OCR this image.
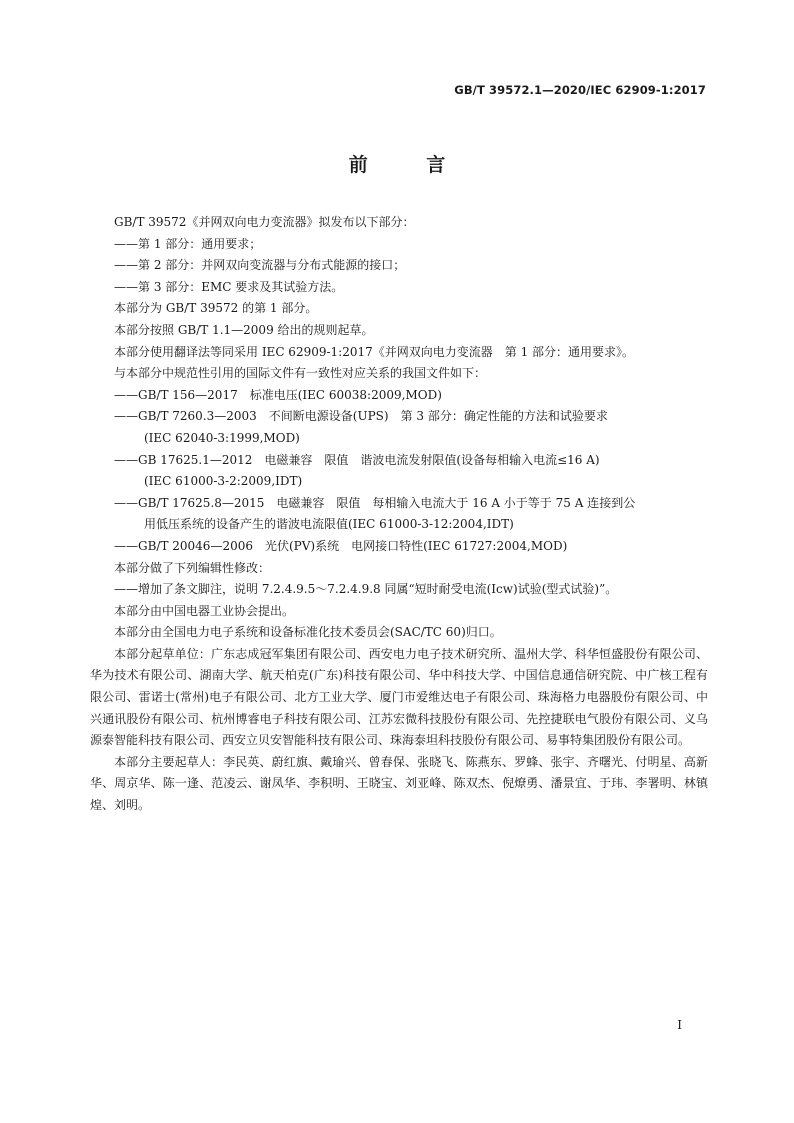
GB/T 39572.1—2020/IEC 62909-1:2017
前 言
GB/T 39572《并网双向电力变流器》拟发布以下部分：
——第 1 部分：通用要求；
——第 2 部分：并网双向变流器与分布式能源的接口；
——第 3 部分：EMC 要求及其试验方法。
本部分为 GB/T 39572 的第 1 部分。
本部分按照 GB/T 1.1—2009 给出的规则起草。
本部分使用翻译法等同采用 IEC 62909-1:2017《并网双向电力变流器　第 1 部分：通用要求》。
与本部分中规范性引用的国际文件有一致性对应关系的我国文件如下：
——GB/T 156—2017　标准电压(IEC 60038:2009,MOD)
——GB/T 7260.3—2003　不间断电源设备(UPS)　第 3 部分：确定性能的方法和试验要求
(IEC 62040-3:1999,MOD)
——GB 17625.1—2012　电磁兼容　限值　谐波电流发射限值(设备每相输入电流≤16 A)
(IEC 61000-3-2:2009,IDT)
——GB/T 17625.8—2015　电磁兼容　限值　每相输入电流大于 16 A 小于等于 75 A 连接到公
用低压系统的设备产生的谐波电流限值(IEC 61000-3-12:2004,IDT)
——GB/T 20046—2006　光伏(PV)系统　电网接口特性(IEC 61727:2004,MOD)
本部分做了下列编辑性修改：
——增加了条文脚注，说明 7.2.4.9.5～7.2.4.9.8 同属“短时耐受电流(Icw)试验(型式试验)”。
本部分由中国电器工业协会提出。
本部分由全国电力电子系统和设备标准化技术委员会(SAC/TC 60)归口。
本部分起草单位：广东志成冠军集团有限公司、西安电力电子技术研究所、温州大学、科华恒盛股份有限公司、华为技术有限公司、湖南大学、航天柏克(广东)科技有限公司、华中科技大学、中国信息通信研究院、中广核工程有限公司、雷诺士(常州)电子有限公司、北方工业大学、厦门市爱维达电子有限公司、珠海格力电器股份有限公司、中兴通讯股份有限公司、杭州博睿电子科技有限公司、江苏宏微科技股份有限公司、先控捷联电气股份有限公司、义乌源泰智能科技有限公司、西安立贝安智能科技有限公司、珠海泰坦科技股份有限公司、易事特集团股份有限公司。
本部分主要起草人：李民英、蔚红旗、戴瑜兴、曾春保、张晓飞、陈燕东、罗蜂、张宇、齐曙光、付明星、高新华、周京华、陈一逢、范凌云、谢凤华、李积明、王晓宝、刘亚峰、陈双杰、倪燎勇、潘景宜、于玮、李署明、林镇煌、刘明。
I
